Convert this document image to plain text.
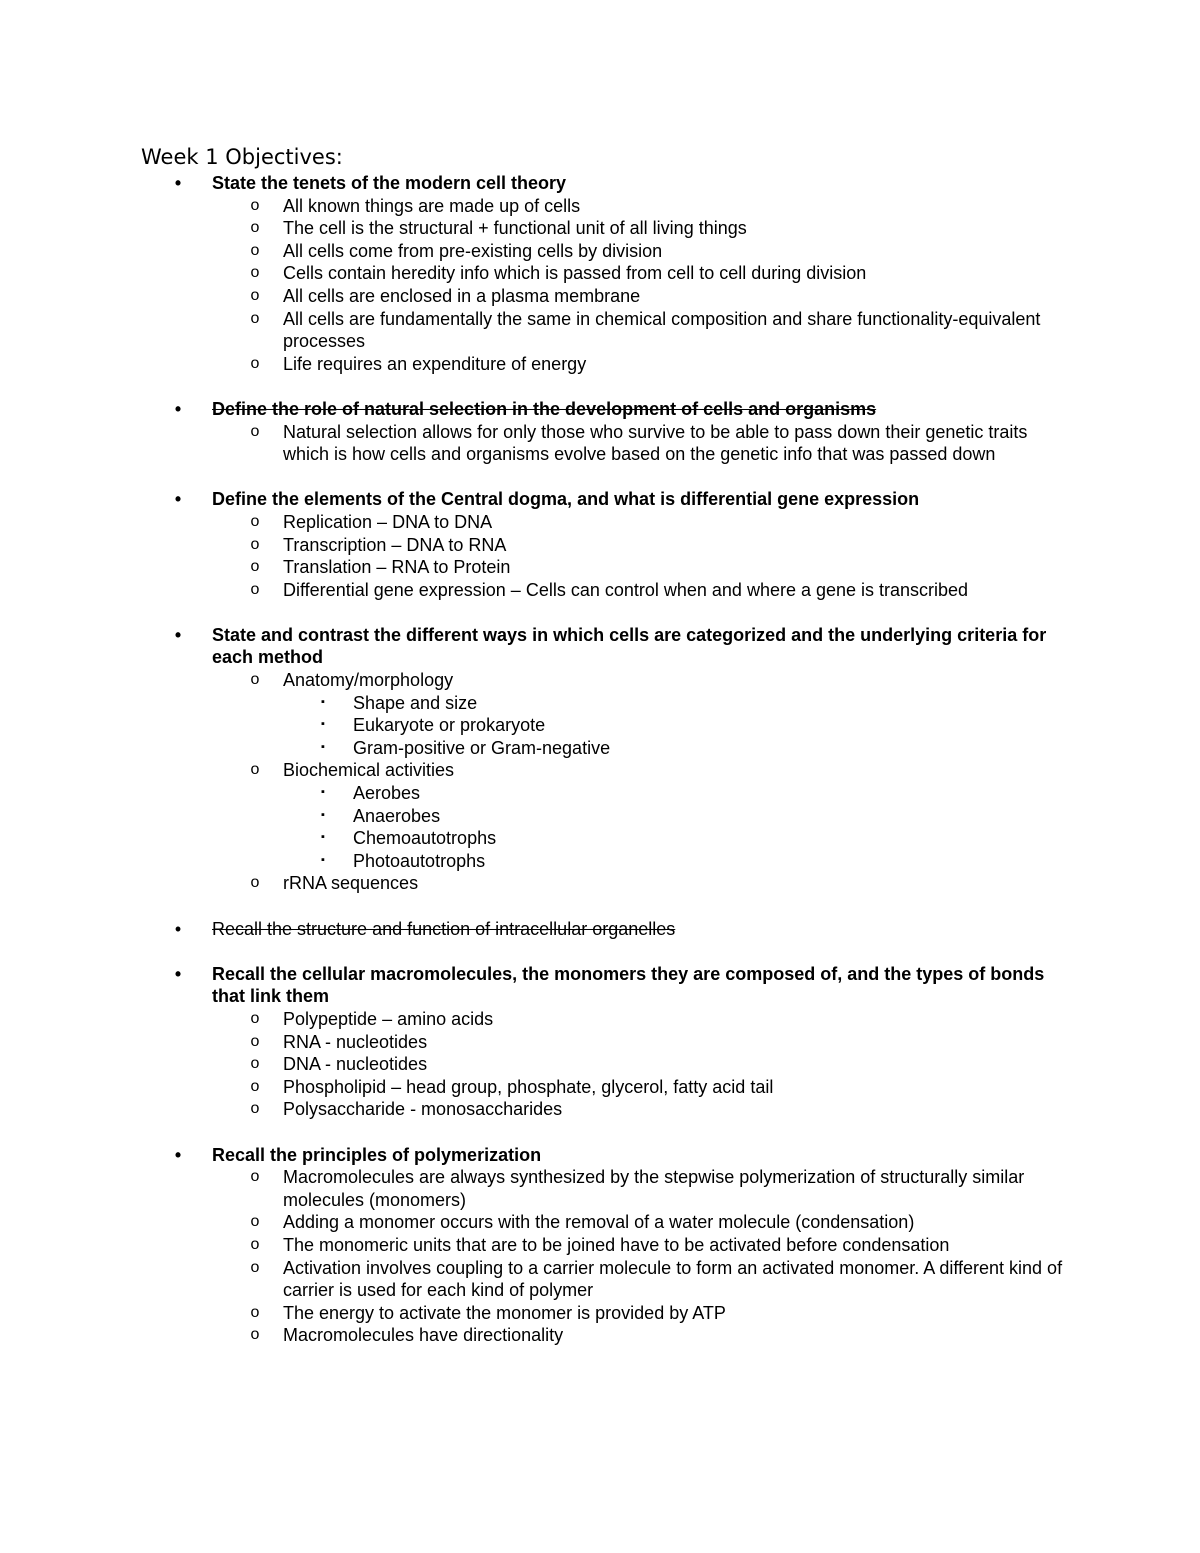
Week 1 Objectives:
• State the tenets of the modern cell theory
o All known things are made up of cells
o The cell is the structural + functional unit of all living things
o All cells come from pre-existing cells by division
o Cells contain heredity info which is passed from cell to cell during division
o All cells are enclosed in a plasma membrane
o All cells are fundamentally the same in chemical composition and share functionality-equivalent processes
o Life requires an expenditure of energy
• Define the role of natural selection in the development of cells and organisms
o Natural selection allows for only those who survive to be able to pass down their genetic traits which is how cells and organisms evolve based on the genetic info that was passed down
• Define the elements of the Central dogma, and what is differential gene expression
o Replication – DNA to DNA
o Transcription – DNA to RNA
o Translation – RNA to Protein
o Differential gene expression – Cells can control when and where a gene is transcribed
• State and contrast the different ways in which cells are categorized and the underlying criteria for each method
o Anatomy/morphology
▪ Shape and size
▪ Eukaryote or prokaryote
▪ Gram-positive or Gram-negative
o Biochemical activities
▪ Aerobes
▪ Anaerobes
▪ Chemoautotrophs
▪ Photoautotrophs
o rRNA sequences
• Recall the structure and function of intracellular organelles
• Recall the cellular macromolecules, the monomers they are composed of, and the types of bonds that link them
o Polypeptide – amino acids
o RNA - nucleotides
o DNA - nucleotides
o Phospholipid – head group, phosphate, glycerol, fatty acid tail
o Polysaccharide - monosaccharides
• Recall the principles of polymerization
o Macromolecules are always synthesized by the stepwise polymerization of structurally similar molecules (monomers)
o Adding a monomer occurs with the removal of a water molecule (condensation)
o The monomeric units that are to be joined have to be activated before condensation
o Activation involves coupling to a carrier molecule to form an activated monomer. A different kind of carrier is used for each kind of polymer
o The energy to activate the monomer is provided by ATP
o Macromolecules have directionality
